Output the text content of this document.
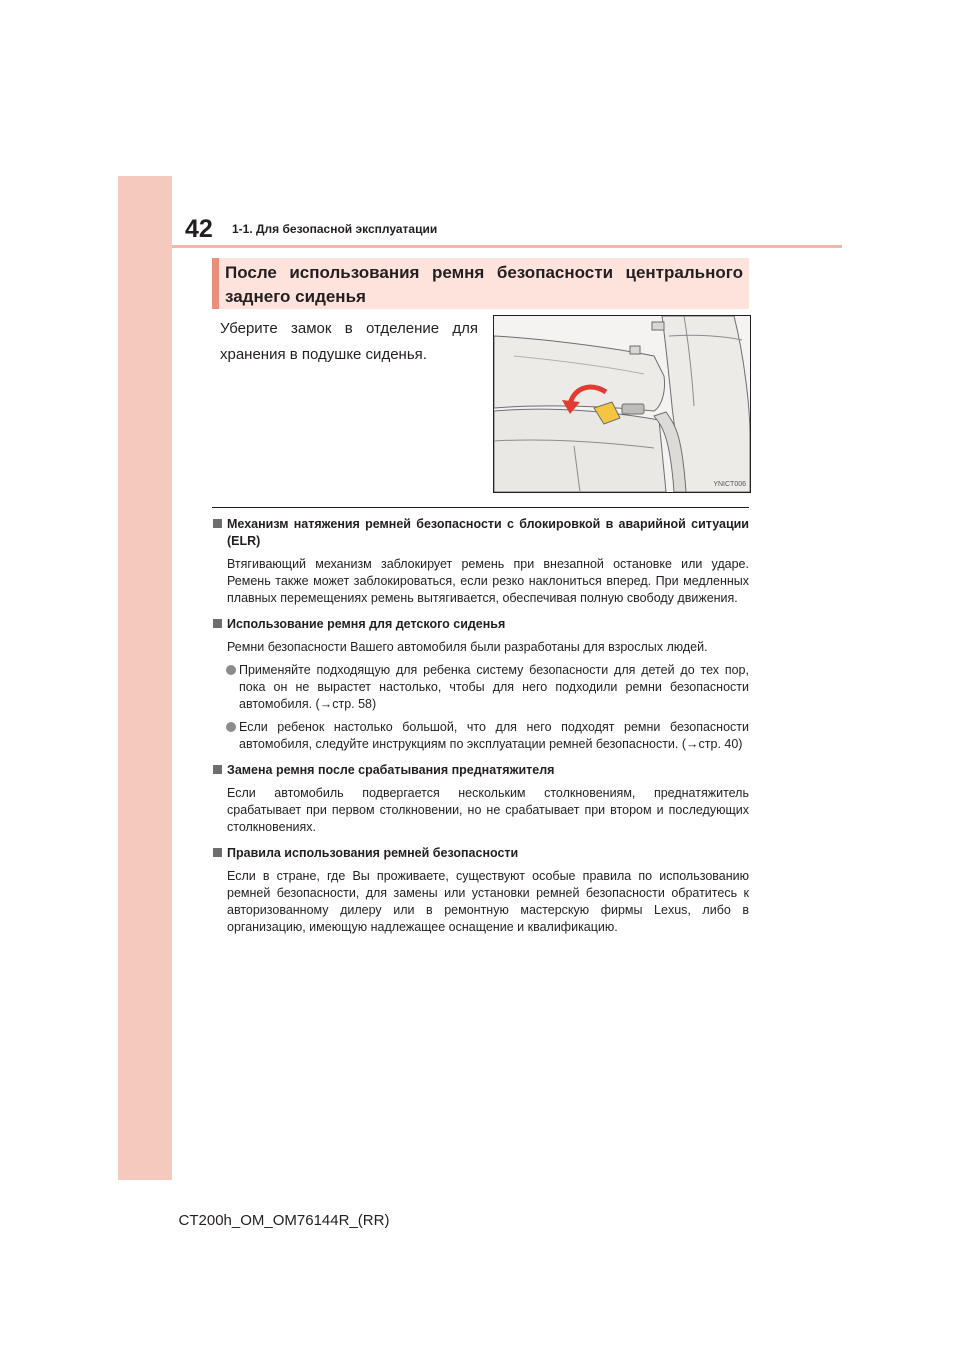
42 1-1. Для безопасной эксплуатации
После использования ремня безопасности центрального заднего сиденья
Уберите замок в отделение для хранения в подушке сиденья.
YNICT006
Механизм натяжения ремней безопасности с блокировкой в аварийной ситуации (ELR)
Втягивающий механизм заблокирует ремень при внезапной остановке или ударе. Ремень также может заблокироваться, если резко наклониться вперед. При медленных плавных перемещениях ремень вытягивается, обеспечивая полную свободу движения.
Использование ремня для детского сиденья
Ремни безопасности Вашего автомобиля были разработаны для взрослых людей.
Применяйте подходящую для ребенка систему безопасности для детей до тех пор, пока он не вырастет настолько, чтобы для него подходили ремни безопасности автомобиля. (→стр. 58)
Если ребенок настолько большой, что для него подходят ремни безопасности автомобиля, следуйте инструкциям по эксплуатации ремней безопасности. (→стр. 40)
Замена ремня после срабатывания преднатяжителя
Если автомобиль подвергается нескольким столкновениям, преднатяжитель срабатывает при первом столкновении, но не срабатывает при втором и последующих столкновениях.
Правила использования ремней безопасности
Если в стране, где Вы проживаете, существуют особые правила по использованию ремней безопасности, для замены или установки ремней безопасности обратитесь к авторизованному дилеру или в ремонтную мастерскую фирмы Lexus, либо в организацию, имеющую надлежащее оснащение и квалификацию.
CT200h_OM_OM76144R_(RR)
